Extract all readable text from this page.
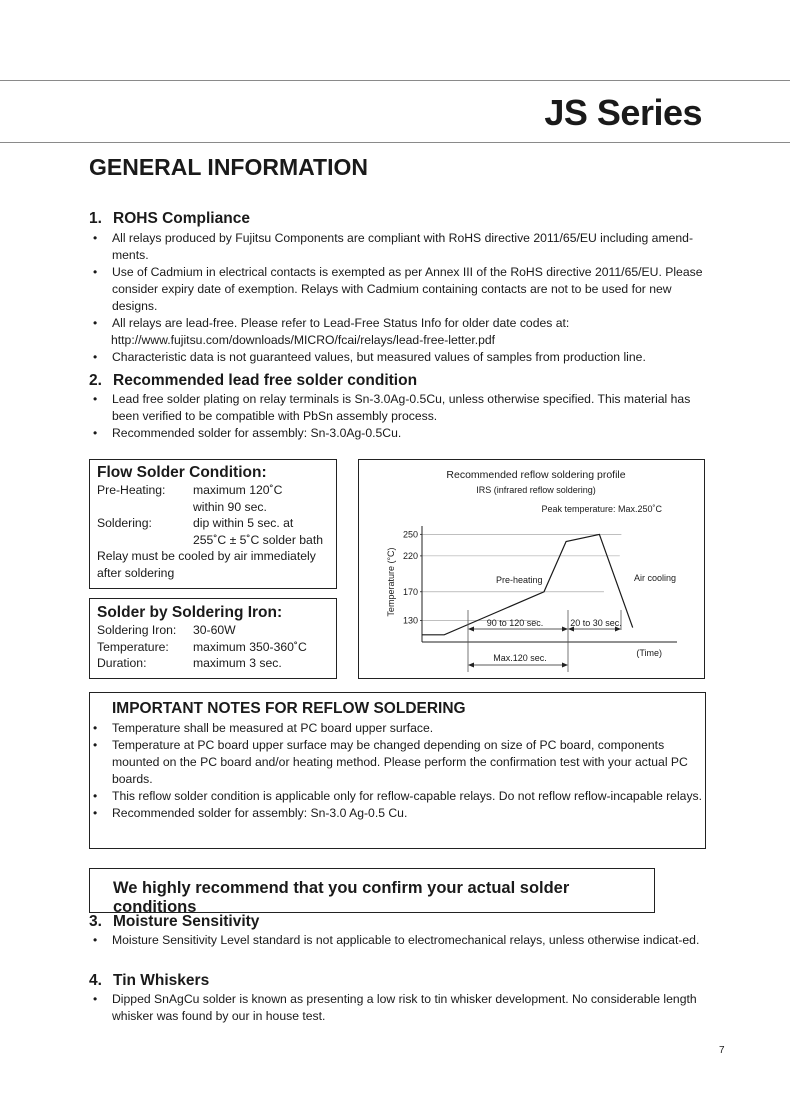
JS Series
GENERAL INFORMATION
1. ROHS Compliance
•	All relays produced by Fujitsu Components are compliant with RoHS directive 2011/65/EU including amend-ments.
•	Use of Cadmium in electrical contacts is exempted as per Annex III of the RoHS directive 2011/65/EU. Please consider expiry date of exemption. Relays with Cadmium containing contacts are not to be used for new designs.
•	All relays are lead-free. Please refer to Lead-Free Status Info for older date codes at:
http://www.fujitsu.com/downloads/MICRO/fcai/relays/lead-free-letter.pdf
•	Characteristic data is not guaranteed values, but measured values of samples from production line.
2. Recommended lead free solder condition
•	Lead free solder plating on relay terminals is Sn-3.0Ag-0.5Cu, unless otherwise specified. This material has been verified to be compatible with PbSn assembly process.
•	Recommended solder for assembly: Sn-3.0Ag-0.5Cu.
Flow Solder Condition:
Pre-Heating: maximum 120˚C
within 90 sec.
Soldering:	dip within 5 sec. at
255˚C ± 5˚C solder bath
Relay must be cooled by air immediately
after soldering
Solder by Soldering Iron:
Soldering Iron: 30-60W
Temperature: maximum 350-360˚C
Duration:	maximum 3 sec.
Recommended reflow soldering profile
IRS (infrared reflow soldering)
Peak temperature: Max.250˚C
Temperature (°C)
250
220
170
130
Pre-heating	Air cooling
90 to 120 sec.	20 to 30 sec.
Max.120 sec.	(Time)
IMPORTANT NOTES FOR REFLOW SOLDERING
•	Temperature shall be measured at PC board upper surface.
•	Temperature at PC board upper surface may be changed depending on size of PC board, components mounted on the PC board and/or heating method. Please perform the confirmation test with your actual PC boards.
•	This reflow solder condition is applicable only for reflow-capable relays. Do not reflow reflow-incapable relays.
•	Recommended solder for assembly: Sn-3.0 Ag-0.5 Cu.
We highly recommend that you confirm your actual solder conditions
3. Moisture Sensitivity
•	Moisture Sensitivity Level standard is not applicable to electromechanical relays, unless otherwise indicat-ed.
4. Tin Whiskers
•	Dipped SnAgCu solder is known as presenting a low risk to tin whisker development. No considerable length whisker was found by our in house test.
7
